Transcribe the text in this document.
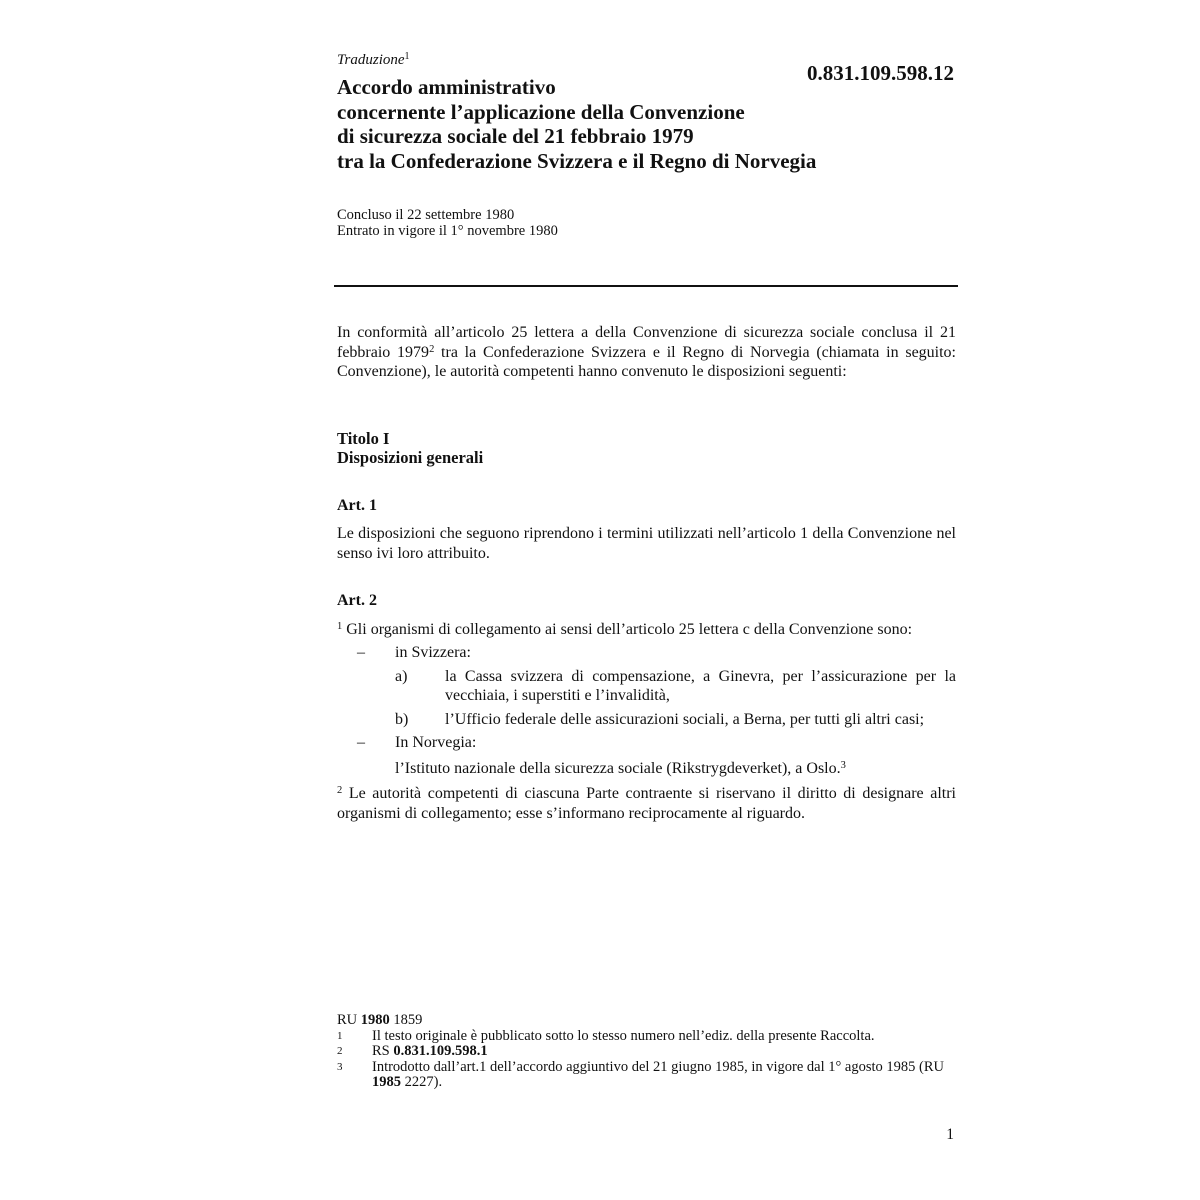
Traduzione$^1$
0.831.109.598.12
Accordo amministrativo
concernente l’applicazione della Convenzione
di sicurezza sociale del 21 febbraio 1979
tra la Confederazione Svizzera e il Regno di Norvegia
Concluso il 22 settembre 1980
Entrato in vigore il 1° novembre 1980

In conformità all’articolo 25 lettera a della Convenzione di sicurezza sociale conclusa il 21 febbraio 1979$^2$ tra la Confederazione Svizzera e il Regno di Norvegia (chiamata in seguito: Convenzione), le autorità competenti hanno convenuto le disposizioni seguenti:

Titolo I
Disposizioni generali
Art. 1

Le disposizioni che seguono riprendono i termini utilizzati nell’articolo 1 della Convenzione nel senso ivi loro attribuito.

Art. 2

$^1$ Gli organismi di collegamento ai sensi dell’articolo 25 lettera c della Convenzione sono:

–	in Svizzera:
a)	la Cassa svizzera di compensazione, a Ginevra, per l’assicurazione per la vecchiaia, i superstiti e l’invalidità,
b)	l’Ufficio federale delle assicurazioni sociali, a Berna, per tutti gli altri casi;
–	In Norvegia:
l’Istituto nazionale della sicurezza sociale (Rikstrygdeverket), a Oslo.$^3$

$^2$ Le autorità competenti di ciascuna Parte contraente si riservano il diritto di designare altri organismi di collegamento; esse s’informano reciprocamente al riguardo.

RU 1980 1859
1	Il testo originale è pubblicato sotto lo stesso numero nell’ediz. della presente Raccolta.
2	RS 0.831.109.598.1
3	Introdotto dall’art.1 dell’accordo aggiuntivo del 21 giugno 1985, in vigore dal 1° agosto 1985 (RU 1985 2227).
1
